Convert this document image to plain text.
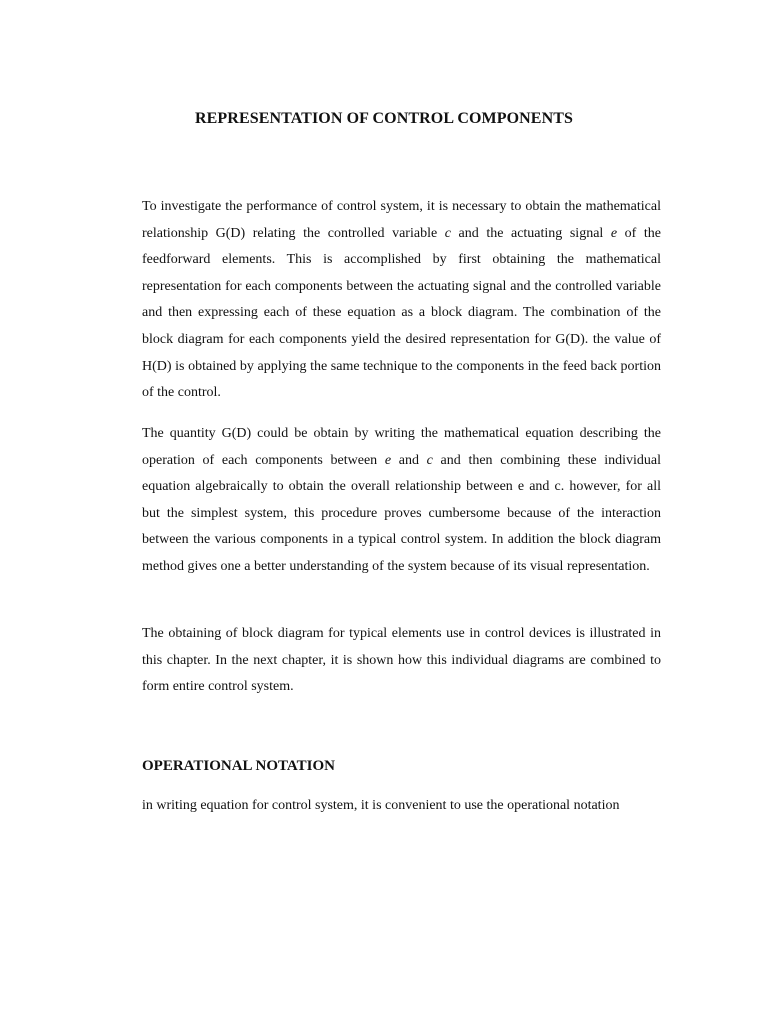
REPRESENTATION OF CONTROL COMPONENTS

To investigate the performance of control system, it is necessary to obtain the mathematical relationship G(D) relating the controlled variable c and the actuating signal e of the feedforward elements. This is accomplished by first obtaining the mathematical representation for each components between the actuating signal and the controlled variable and then expressing each of these equation as a block diagram. The combination of the block diagram for each components yield the desired representation for G(D). the value of H(D) is obtained by applying the same technique to the components in the feed back portion of the control.

The quantity G(D) could be obtain by writing the mathematical equation describing the operation of each components between e and c and then combining these individual equation algebraically to obtain the overall relationship between e and c. however, for all but the simplest system, this procedure proves cumbersome because of the interaction between the various components in a typical control system. In addition the block diagram method gives one a better understanding of the system because of its visual representation.

The obtaining of block diagram for typical elements use in control devices is illustrated in this chapter. In the next chapter, it is shown how this individual diagrams are combined to form entire control system.

OPERATIONAL NOTATION

in writing equation for control system, it is convenient to use the operational notation
